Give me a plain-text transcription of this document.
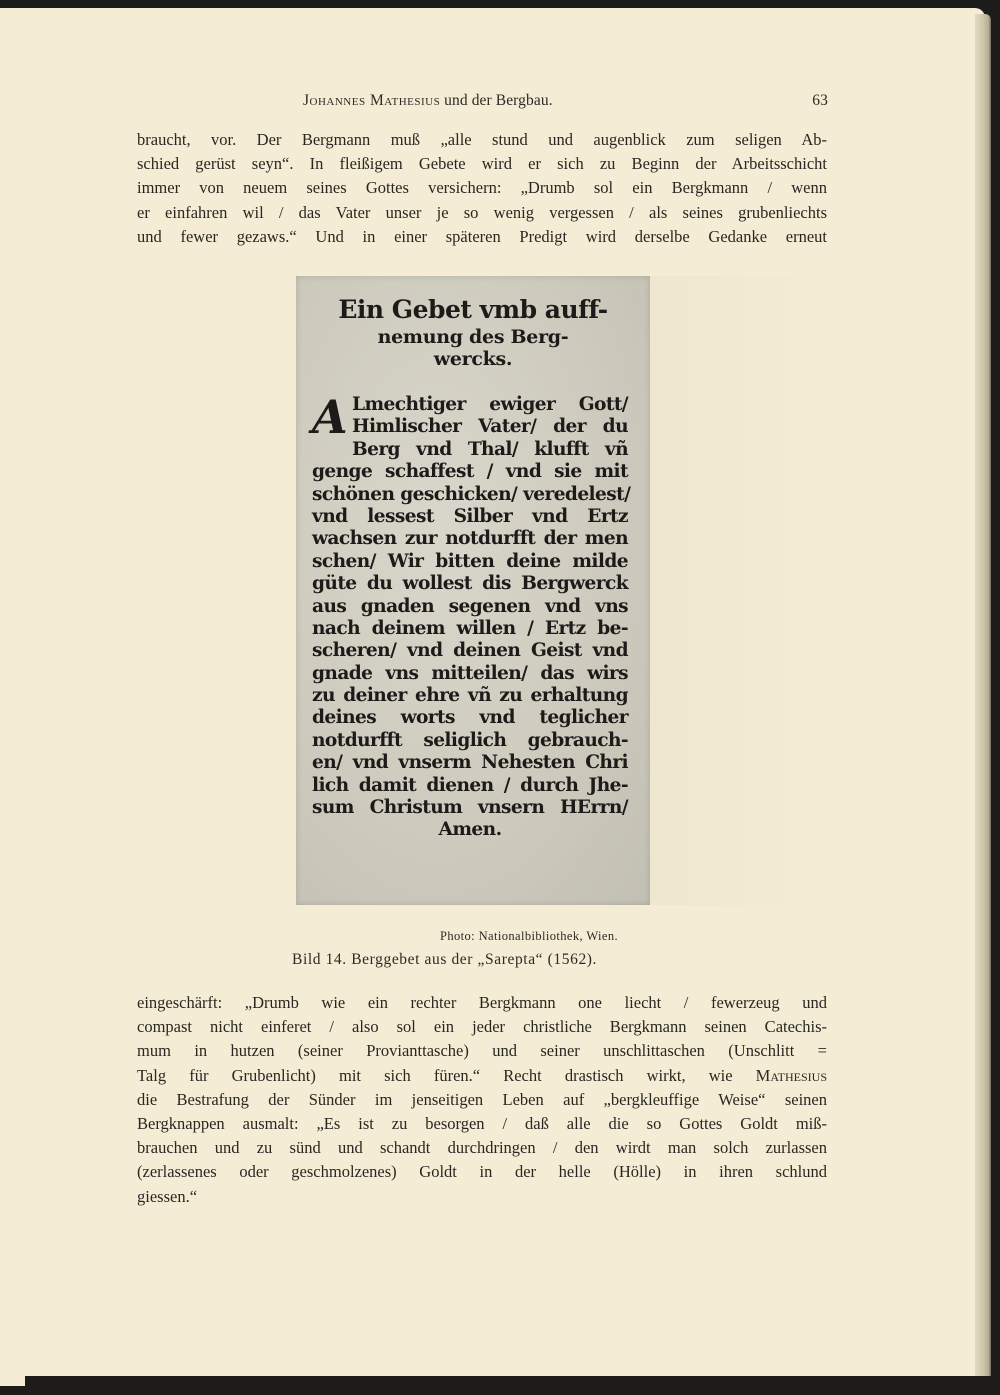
Johannes Mathesius und der Bergbau.	63
braucht, vor. Der Bergmann muß „alle stund und augenblick zum seligen Ab-
schied gerüst seyn“. In fleißigem Gebete wird er sich zu Beginn der Arbeitsschicht
immer von neuem seines Gottes versichern: „Drumb sol ein Bergkmann / wenn
er einfahren wil / das Vater unser je so wenig vergessen / als seines grubenliechts
und fewer gezaws.“ Und in einer späteren Predigt wird derselbe Gedanke erneut
Ein Gebet vmb auff-
nemung des Berg-
wercks.
A Lmechtiger ewiger Gott/
Himlischer Vater/ der du
Berg vnd Thal/ klufft vñ
genge schaffest / vnd sie mit
schönen geschicken/ veredelest/
vnd lessest Silber vnd Ertz
wachsen zur notdurfft der men
schen/ Wir bitten deine milde
güte du wollest dis Bergwerck
aus gnaden segenen vnd vns
nach deinem willen / Ertz be-
scheren/ vnd deinen Geist vnd
gnade vns mitteilen/ das wirs
zu deiner ehre vñ zu erhaltung
deines worts vnd teglicher
notdurfft seliglich gebrauch-
en/ vnd vnserm Nehesten Chri
lich damit dienen / durch Jhe-
sum Christum vnsern HErrn/
Amen.
Photo: Nationalbibliothek, Wien.
Bild 14. Berggebet aus der „Sarepta“ (1562).
eingeschärft: „Drumb wie ein rechter Bergkmann one liecht / fewerzeug und
compast nicht einferet / also sol ein jeder christliche Bergkmann seinen Catechis-
mum in hutzen (seiner Provianttasche) und seiner unschlittaschen (Unschlitt =
Talg für Grubenlicht) mit sich füren.“ Recht drastisch wirkt, wie Mathesius
die Bestrafung der Sünder im jenseitigen Leben auf „bergkleuffige Weise“ seinen
Bergknappen ausmalt: „Es ist zu besorgen / daß alle die so Gottes Goldt miß-
brauchen und zu sünd und schandt durchdringen / den wirdt man solch zurlassen
(zerlassenes oder geschmolzenes) Goldt in der helle (Hölle) in ihren schlund
giessen.“
